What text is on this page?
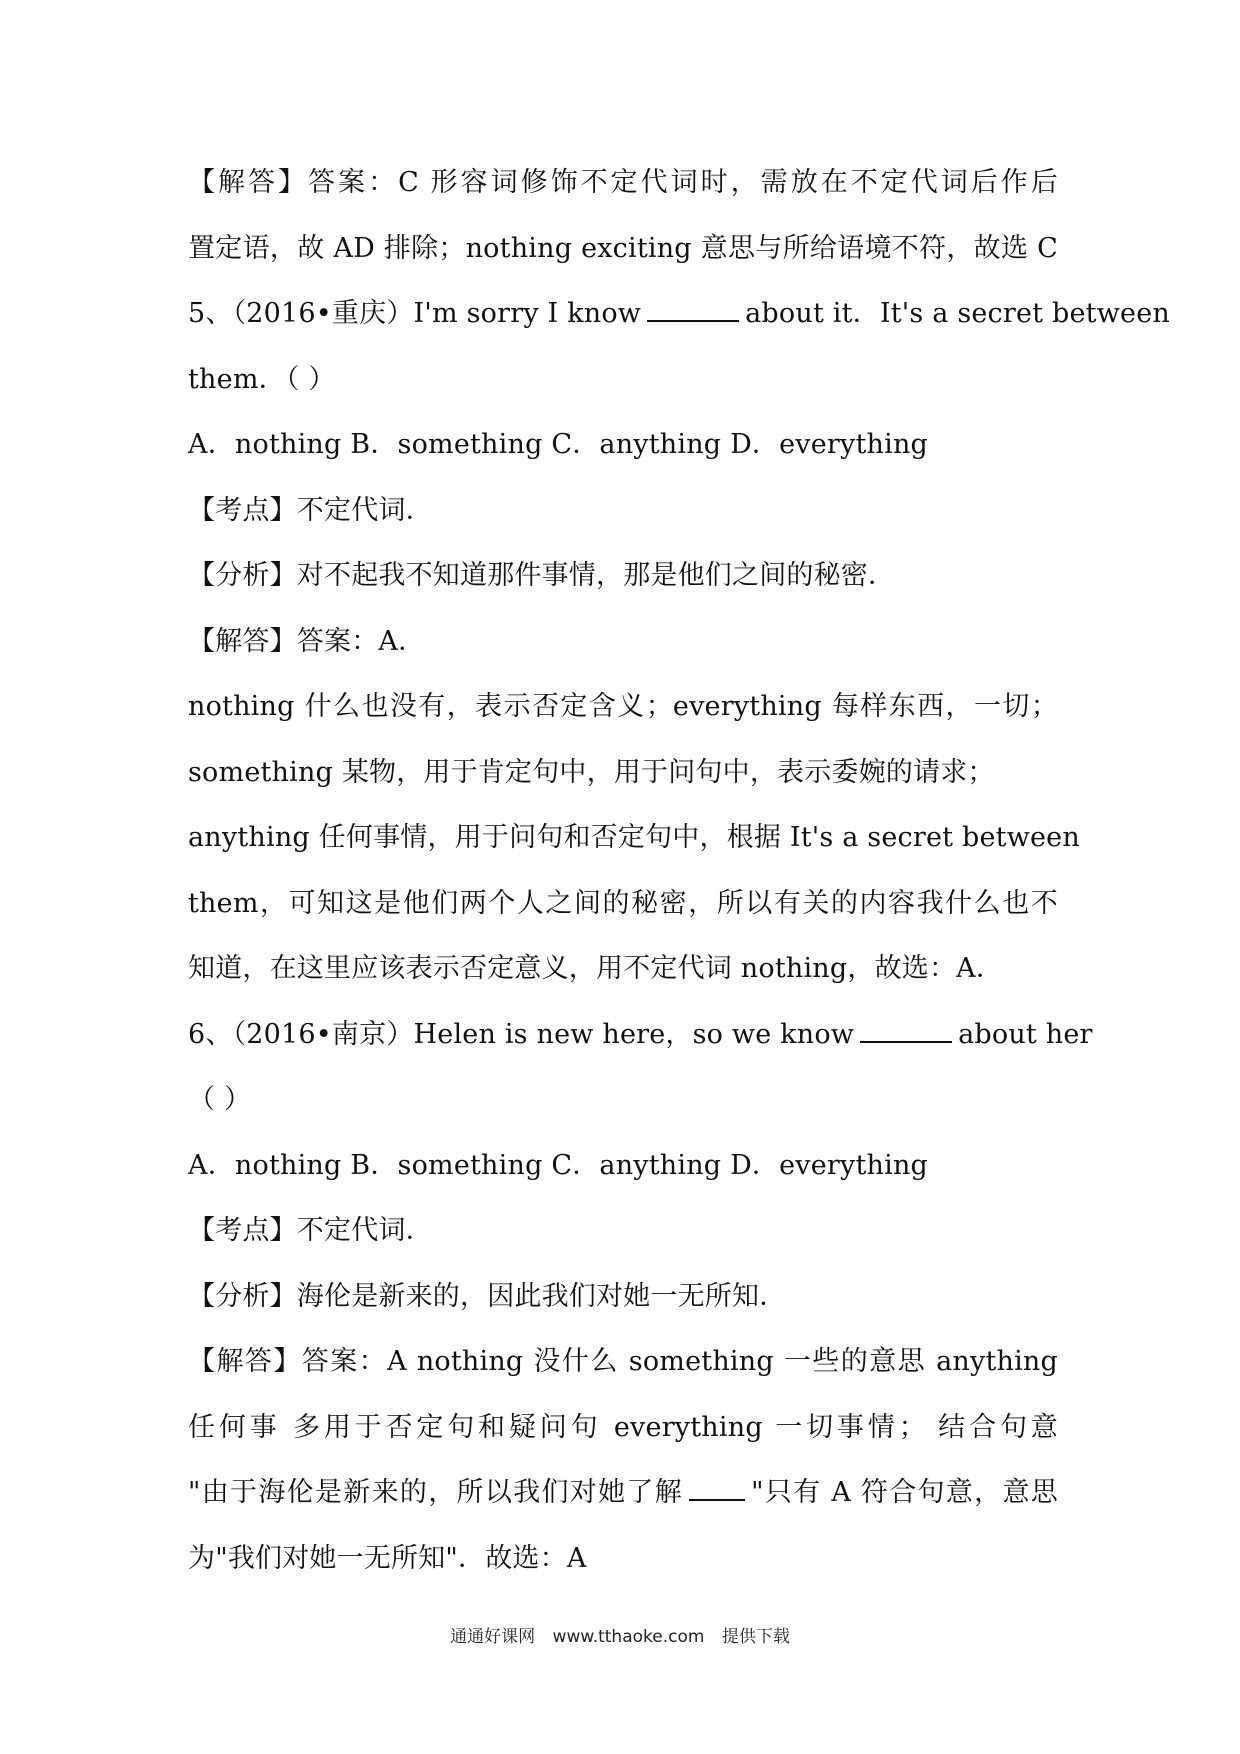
【解答】答案：C 形容词修饰不定代词时，需放在不定代词后作后
置定语，故 AD 排除；nothing exciting 意思与所给语境不符，故选 C
5、（2016•重庆）I'm sorry I know	about it．It's a secret between
them．（ ）
A．nothing B．something C．anything D．everything
【考点】不定代词．
【分析】对不起我不知道那件事情，那是他们之间的秘密．
【解答】答案：A．
nothing 什么也没有，表示否定含义；everything 每样东西，一切；
something 某物，用于肯定句中，用于问句中，表示委婉的请求；
anything 任何事情，用于问句和否定句中，根据 It's a secret between
them，可知这是他们两个人之间的秘密，所以有关的内容我什么也不
知道，在这里应该表示否定意义，用不定代词 nothing，故选：A．
6、（2016•南京）Helen is new here，so we know	about her
（ ）
A．nothing B．something C．anything D．everything
【考点】不定代词．
【分析】海伦是新来的，因此我们对她一无所知．
【解答】答案：A nothing 没什么 something 一些的意思 anything
任何事 多用于否定句和疑问句 everything 一切事情； 结合句意
"由于海伦是新来的，所以我们对她了解	"只有 A 符合句意，意思
为"我们对她一无所知"．故选：A
通通好课网 www.tthaoke.com 提供下载
